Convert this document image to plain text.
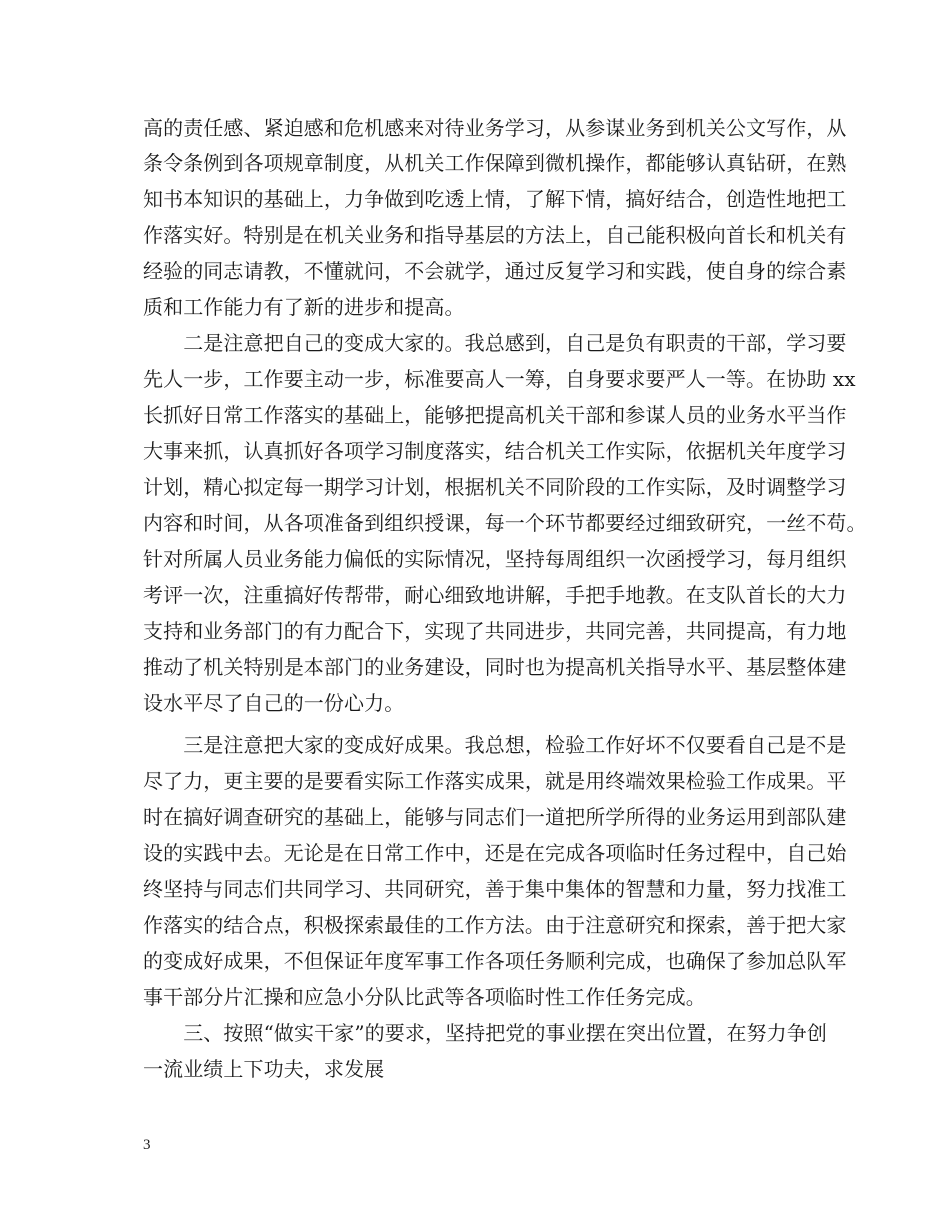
高的责任感、紧迫感和危机感来对待业务学习，从参谋业务到机关公文写作，从
条令条例到各项规章制度，从机关工作保障到微机操作，都能够认真钻研，在熟
知书本知识的基础上，力争做到吃透上情，了解下情，搞好结合，创造性地把工
作落实好。特别是在机关业务和指导基层的方法上，自己能积极向首长和机关有
经验的同志请教，不懂就问，不会就学，通过反复学习和实践，使自身的综合素
质和工作能力有了新的进步和提高。
　　二是注意把自己的变成大家的。我总感到，自己是负有职责的干部，学习要
先人一步，工作要主动一步，标准要高人一筹，自身要求要严人一等。在协助 xx
长抓好日常工作落实的基础上，能够把提高机关干部和参谋人员的业务水平当作
大事来抓，认真抓好各项学习制度落实，结合机关工作实际，依据机关年度学习
计划，精心拟定每一期学习计划，根据机关不同阶段的工作实际，及时调整学习
内容和时间，从各项准备到组织授课，每一个环节都要经过细致研究，一丝不苟。
针对所属人员业务能力偏低的实际情况，坚持每周组织一次函授学习，每月组织
考评一次，注重搞好传帮带，耐心细致地讲解，手把手地教。在支队首长的大力
支持和业务部门的有力配合下，实现了共同进步，共同完善，共同提高，有力地
推动了机关特别是本部门的业务建设，同时也为提高机关指导水平、基层整体建
设水平尽了自己的一份心力。
　　三是注意把大家的变成好成果。我总想，检验工作好坏不仅要看自己是不是
尽了力，更主要的是要看实际工作落实成果，就是用终端效果检验工作成果。平
时在搞好调查研究的基础上，能够与同志们一道把所学所得的业务运用到部队建
设的实践中去。无论是在日常工作中，还是在完成各项临时任务过程中，自己始
终坚持与同志们共同学习、共同研究，善于集中集体的智慧和力量，努力找准工
作落实的结合点，积极探索最佳的工作方法。由于注意研究和探索，善于把大家
的变成好成果，不但保证年度军事工作各项任务顺利完成，也确保了参加总队军
事干部分片汇操和应急小分队比武等各项临时性工作任务完成。
　　三、按照“做实干家”的要求，坚持把党的事业摆在突出位置，在努力争创
一流业绩上下功夫，求发展
3
